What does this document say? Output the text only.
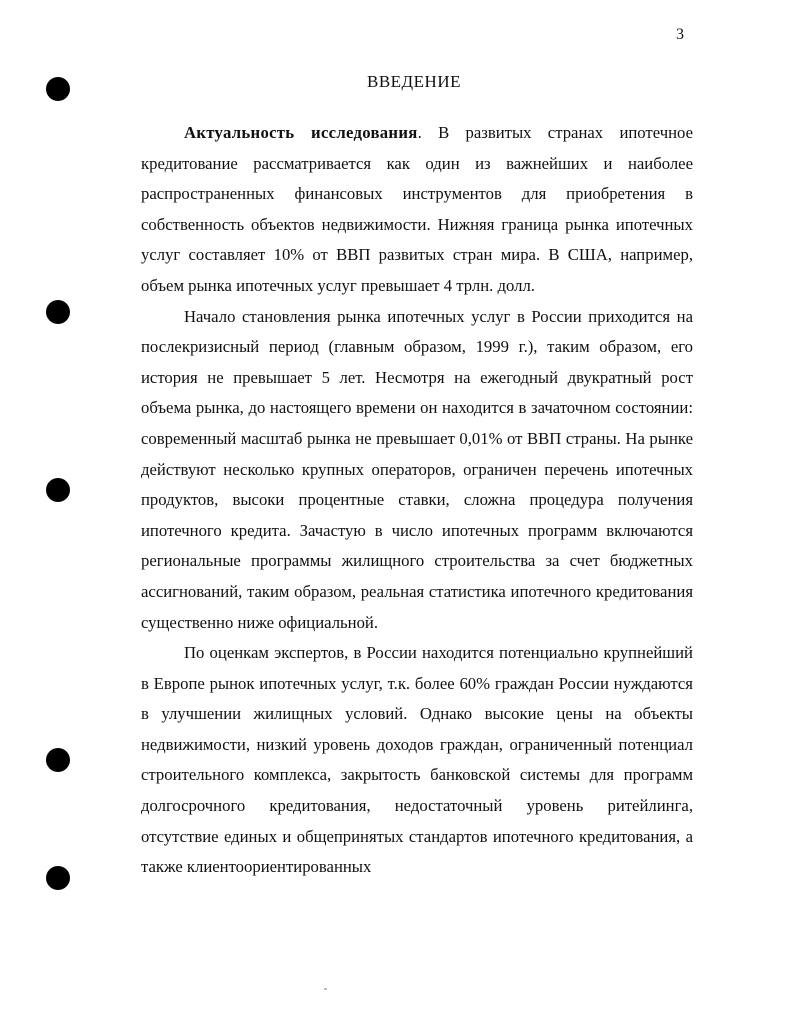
3
ВВЕДЕНИЕ

Актуальность исследования. В развитых странах ипотечное кредитование рассматривается как один из важнейших и наиболее распространенных финансовых инструментов для приобретения в собственность объектов недвижимости. Нижняя граница рынка ипотечных услуг составляет 10% от ВВП развитых стран мира. В США, например, объем рынка ипотечных услуг превышает 4 трлн. долл.

Начало становления рынка ипотечных услуг в России приходится на послекризисный период (главным образом, 1999 г.), таким образом, его история не превышает 5 лет. Несмотря на ежегодный двукратный рост объема рынка, до настоящего времени он находится в зачаточном состоянии: современный масштаб рынка не превышает 0,01% от ВВП страны. На рынке действуют несколько крупных операторов, ограничен перечень ипотечных продуктов, высоки процентные ставки, сложна процедура получения ипотечного кредита. Зачастую в число ипотечных программ включаются региональные программы жилищного строительства за счет бюджетных ассигнований, таким образом, реальная статистика ипотечного кредитования существенно ниже официальной.

По оценкам экспертов, в России находится потенциально крупнейший в Европе рынок ипотечных услуг, т.к. более 60% граждан России нуждаются в улучшении жилищных условий. Однако высокие цены на объекты недвижимости, низкий уровень доходов граждан, ограниченный потенциал строительного комплекса, закрытость банковской системы для программ долгосрочного кредитования, недостаточный уровень ритейлинга, отсутствие единых и общепринятых стандартов ипотечного кредитования, а также клиентоориентированных
